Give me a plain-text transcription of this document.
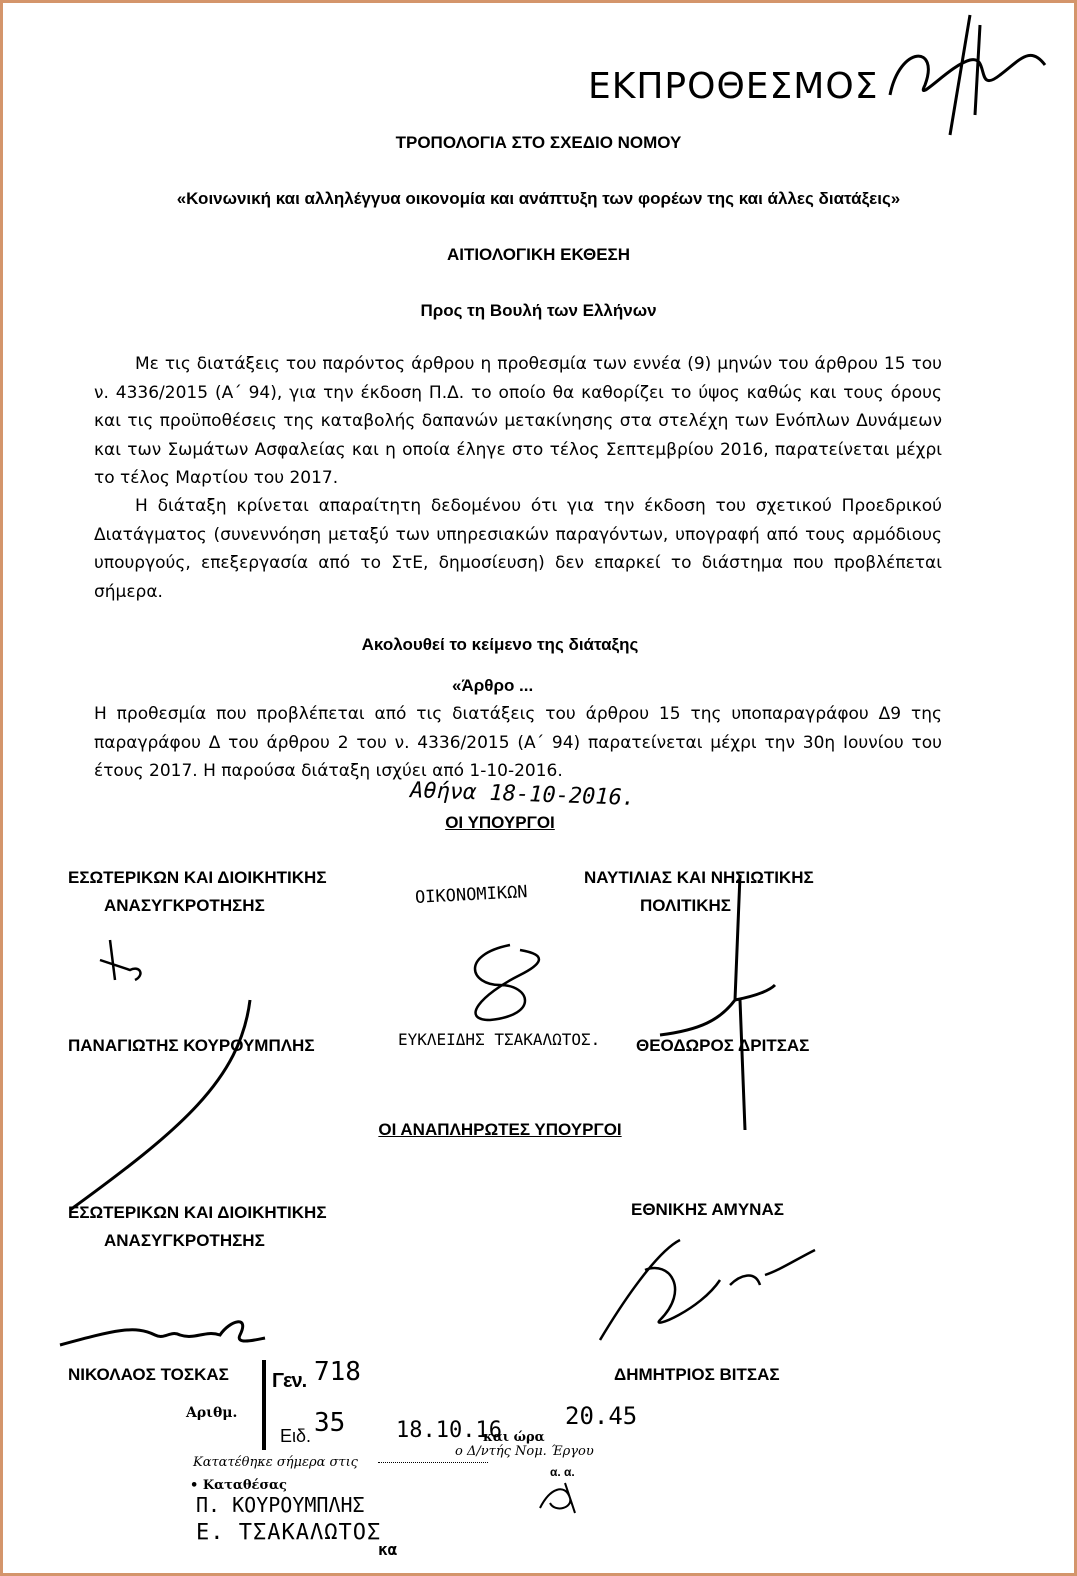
ΕΚΠΡΟΘΕΣΜΟΣ
ΤΡΟΠΟΛΟΓΙΑ ΣΤΟ ΣΧΕΔΙΟ ΝΟΜΟΥ
«Κοινωνική και αλληλέγγυα οικονομία και ανάπτυξη των φορέων της και άλλες διατάξεις»
ΑΙΤΙΟΛΟΓΙΚΗ ΕΚΘΕΣΗ
Προς τη Βουλή των Ελλήνων
Με τις διατάξεις του παρόντος άρθρου η προθεσμία των εννέα (9) μηνών του άρθρου 15 του ν. 4336/2015 (Α΄ 94), για την έκδοση Π.Δ. το οποίο θα καθορίζει το ύψος καθώς και τους όρους και τις προϋποθέσεις της καταβολής δαπανών μετακίνησης στα στελέχη των Ενόπλων Δυνάμεων και των Σωμάτων Ασφαλείας και η οποία έληγε στο τέλος Σεπτεμβρίου 2016, παρατείνεται μέχρι το τέλος Μαρτίου του 2017.
Η διάταξη κρίνεται απαραίτητη δεδομένου ότι για την έκδοση του σχετικού Προεδρικού Διατάγματος (συνεννόηση μεταξύ των υπηρεσιακών παραγόντων, υπογραφή από τους αρμόδιους υπουργούς, επεξεργασία από το ΣτΕ, δημοσίευση) δεν επαρκεί το διάστημα που προβλέπεται σήμερα.
Ακολουθεί το κείμενο της διάταξης
«Άρθρο ...
Η προθεσμία που προβλέπεται από τις διατάξεις του άρθρου 15 της υποπαραγράφου Δ9 της παραγράφου Δ του άρθρου 2 του ν. 4336/2015 (Α΄ 94) παρατείνεται μέχρι την 30η Ιουνίου του έτους 2017. Η παρούσα διάταξη ισχύει από 1-10-2016.
Αθήνα 18-10-2016.
ΟΙ ΥΠΟΥΡΓΟΙ
ΕΣΩΤΕΡΙΚΩΝ ΚΑΙ ΔΙΟΙΚΗΤΙΚΗΣ
ΑΝΑΣΥΓΚΡΟΤΗΣΗΣ	ΟΙΚΟΝΟΜΙΚΩΝ
ΝΑΥΤΙΛΙΑΣ ΚΑΙ ΝΗΣΙΩΤΙΚΗΣ
ΠΟΛΙΤΙΚΗΣ
ΠΑΝΑΓΙΩΤΗΣ ΚΟΥΡΟΥΜΠΛΗΣ	ΕΥΚΛΕΙΔΗΣ ΤΣΑΚΑΛΩΤΟΣ. ΘΕΟΔΩΡΟΣ ΔΡΙΤΣΑΣ
ΟΙ ΑΝΑΠΛΗΡΩΤΕΣ ΥΠΟΥΡΓΟΙ
ΕΣΩΤΕΡΙΚΩΝ ΚΑΙ ΔΙΟΙΚΗΤΙΚΗΣ
ΑΝΑΣΥΓΚΡΟΤΗΣΗΣ
ΕΘΝΙΚΗΣ ΑΜΥΝΑΣ
ΝΙΚΟΛΑΟΣ ΤΟΣΚΑΣ	ΔΗΜΗΤΡΙΟΣ ΒΙΤΣΑΣ
Γεν. 718
Αριθμ.
Ειδ. 35 18.10.16
και ώρα
20.45
Κατατέθηκε σήμερα στις
ο Δ/ντής Νομ. Έργου
• Καταθέσας
α. α.
Π. ΚΟΥΡΟΥΜΠΛΗΣ
Ε. ΤΣΑΚΑΛΩΤΟΣ
κα
